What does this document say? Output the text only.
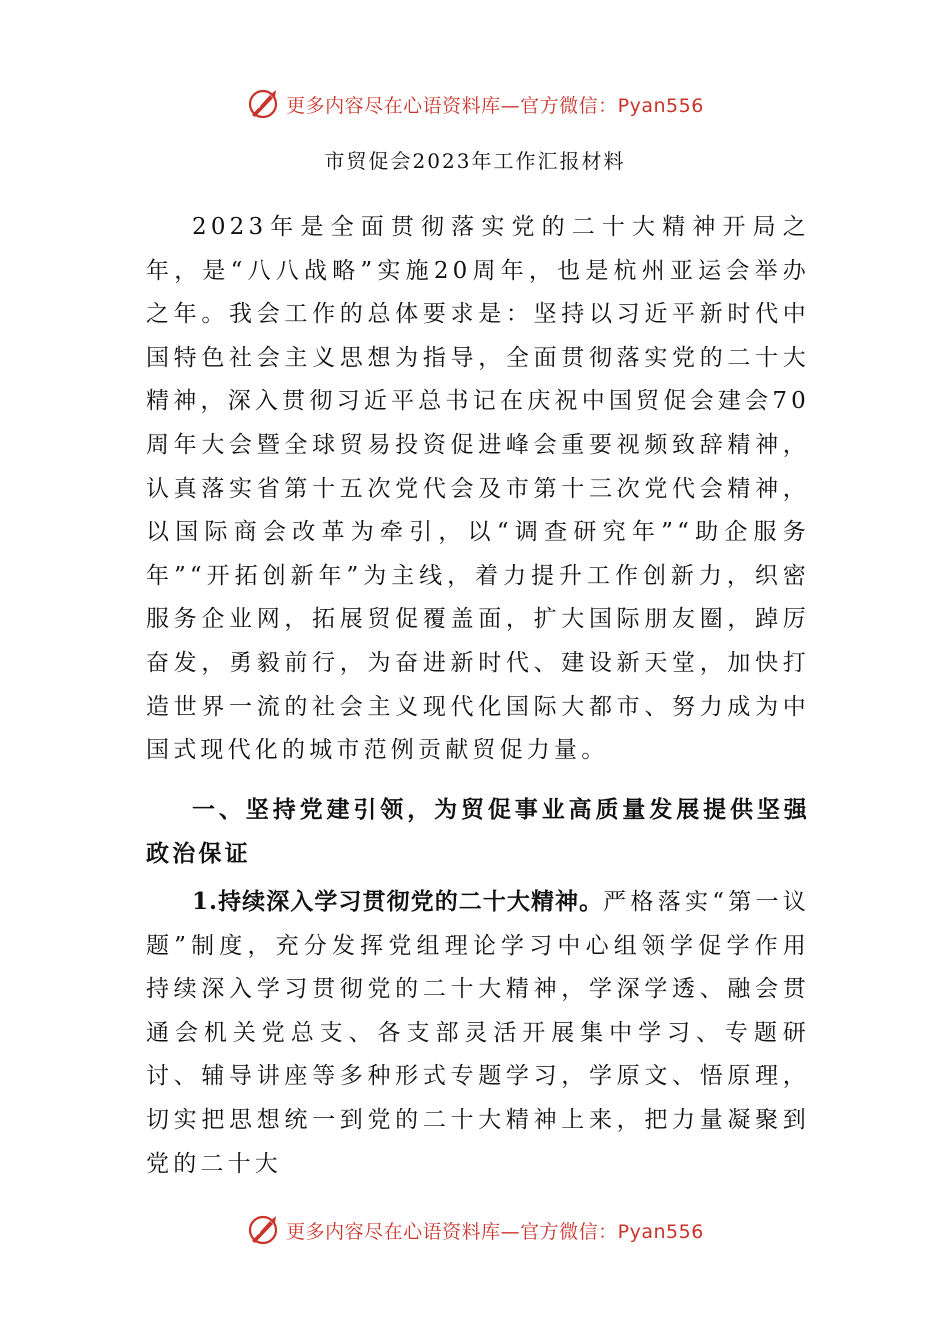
更多内容尽在心语资料库—官方微信：Pyan556
市贸促会2023年工作汇报材料

2023年是全面贯彻落实党的二十大精神开局之年，是“八八战略”实施20周年，也是杭州亚运会举办之年。我会工作的总体要求是：坚持以习近平新时代中国特色社会主义思想为指导，全面贯彻落实党的二十大精神，深入贯彻习近平总书记在庆祝中国贸促会建会70周年大会暨全球贸易投资促进峰会重要视频致辞精神，认真落实省第十五次党代会及市第十三次党代会精神，以国际商会改革为牵引，以“调查研究年”“助企服务年”“开拓创新年”为主线，着力提升工作创新力，织密服务企业网，拓展贸促覆盖面，扩大国际朋友圈，踔厉奋发，勇毅前行，为奋进新时代、建设新天堂，加快打造世界一流的社会主义现代化国际大都市、努力成为中国式现代化的城市范例贡献贸促力量。

一、坚持党建引领，为贸促事业高质量发展提供坚强政治保证

1.持续深入学习贯彻党的二十大精神。严格落实“第一议题”制度，充分发挥党组理论学习中心组领学促学作用持续深入学习贯彻党的二十大精神，学深学透、融会贯通会机关党总支、各支部灵活开展集中学习、专题研讨、辅导讲座等多种形式专题学习，学原文、悟原理，切实把思想统一到党的二十大精神上来，把力量凝聚到党的二十大

更多内容尽在心语资料库—官方微信：Pyan556
